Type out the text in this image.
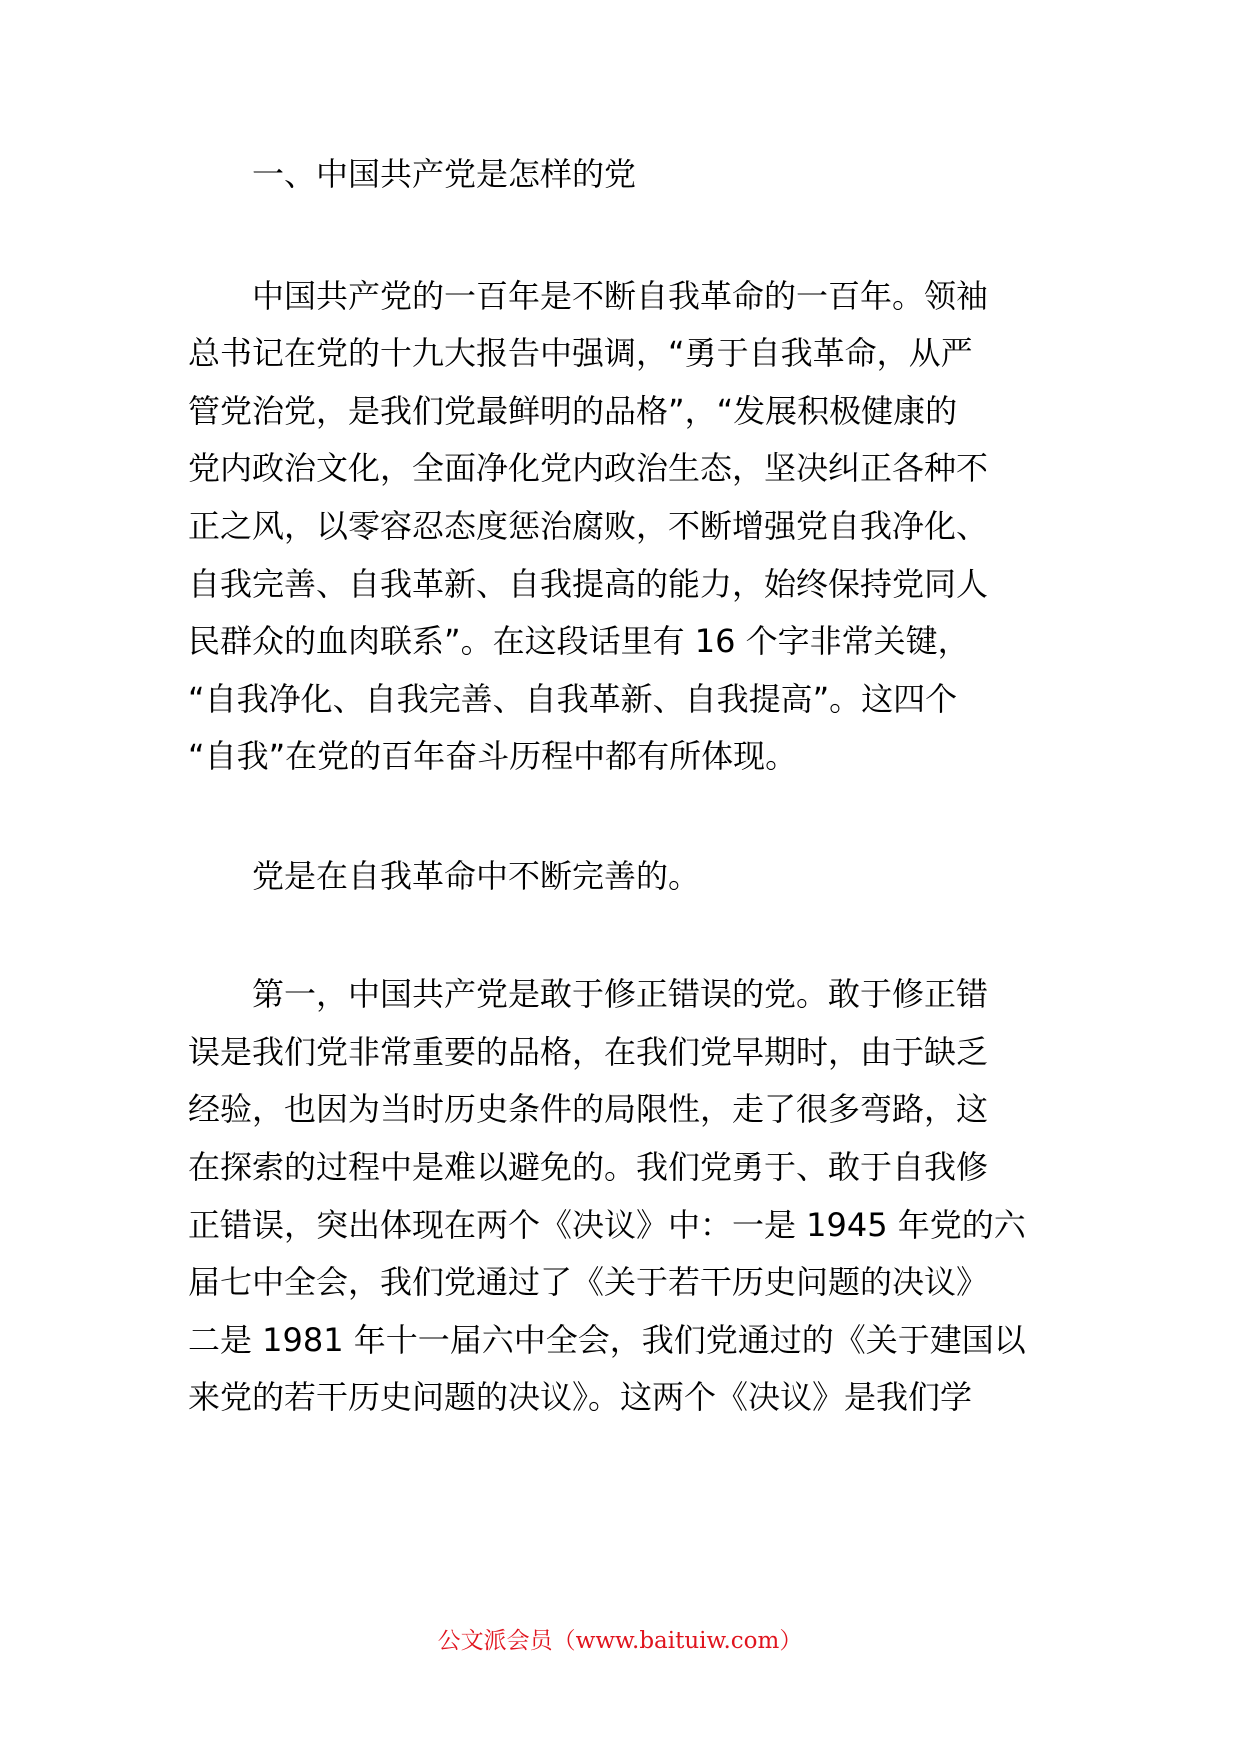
一、中国共产党是怎样的党
中国共产党的一百年是不断自我革命的一百年。领袖
总书记在党的十九大报告中强调，“勇于自我革命，从严
管党治党，是我们党最鲜明的品格”，“发展积极健康的
党内政治文化，全面净化党内政治生态，坚决纠正各种不
正之风，以零容忍态度惩治腐败，不断增强党自我净化、
自我完善、自我革新、自我提高的能力，始终保持党同人
民群众的血肉联系”。在这段话里有 16 个字非常关键，
“自我净化、自我完善、自我革新、自我提高”。这四个
“自我”在党的百年奋斗历程中都有所体现。
党是在自我革命中不断完善的。
第一，中国共产党是敢于修正错误的党。敢于修正错
误是我们党非常重要的品格，在我们党早期时，由于缺乏
经验，也因为当时历史条件的局限性，走了很多弯路，这
在探索的过程中是难以避免的。我们党勇于、敢于自我修
正错误，突出体现在两个《决议》中：一是 1945 年党的六
届七中全会，我们党通过了《关于若干历史问题的决议》
二是 1981 年十一届六中全会，我们党通过的《关于建国以
来党的若干历史问题的决议》。这两个《决议》是我们学
公文派会员（www.baituiw.com）
